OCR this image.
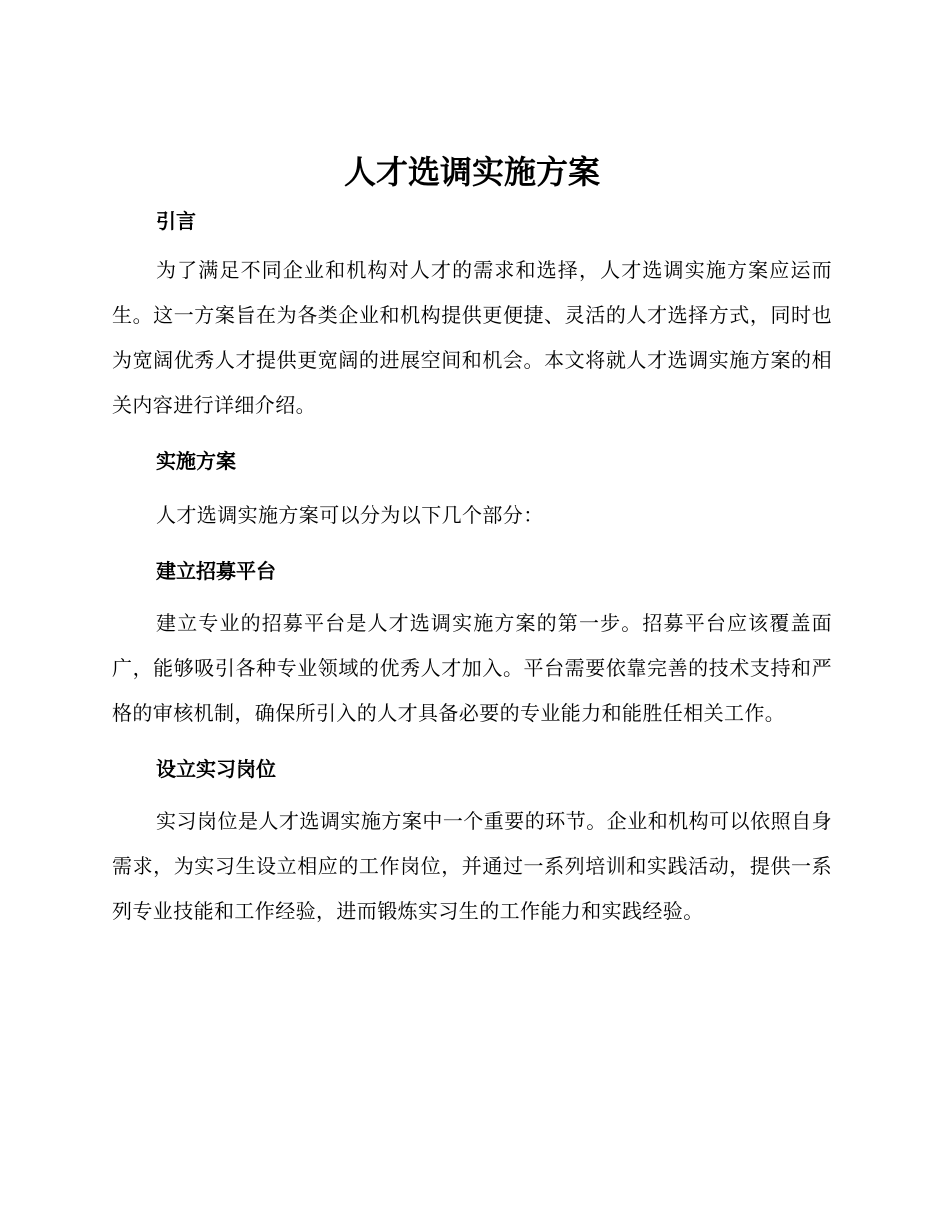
人才选调实施方案
引言

为了满足不同企业和机构对人才的需求和选择，人才选调实施方案应运而生。这一方案旨在为各类企业和机构提供更便捷、灵活的人才选择方式，同时也为宽阔优秀人才提供更宽阔的进展空间和机会。本文将就人才选调实施方案的相关内容进行详细介绍。

实施方案

人才选调实施方案可以分为以下几个部分：

建立招募平台

建立专业的招募平台是人才选调实施方案的第一步。招募平台应该覆盖面广，能够吸引各种专业领域的优秀人才加入。平台需要依靠完善的技术支持和严格的审核机制，确保所引入的人才具备必要的专业能力和能胜任相关工作。

设立实习岗位

实习岗位是人才选调实施方案中一个重要的环节。企业和机构可以依照自身需求，为实习生设立相应的工作岗位，并通过一系列培训和实践活动，提供一系列专业技能和工作经验，进而锻炼实习生的工作能力和实践经验。
